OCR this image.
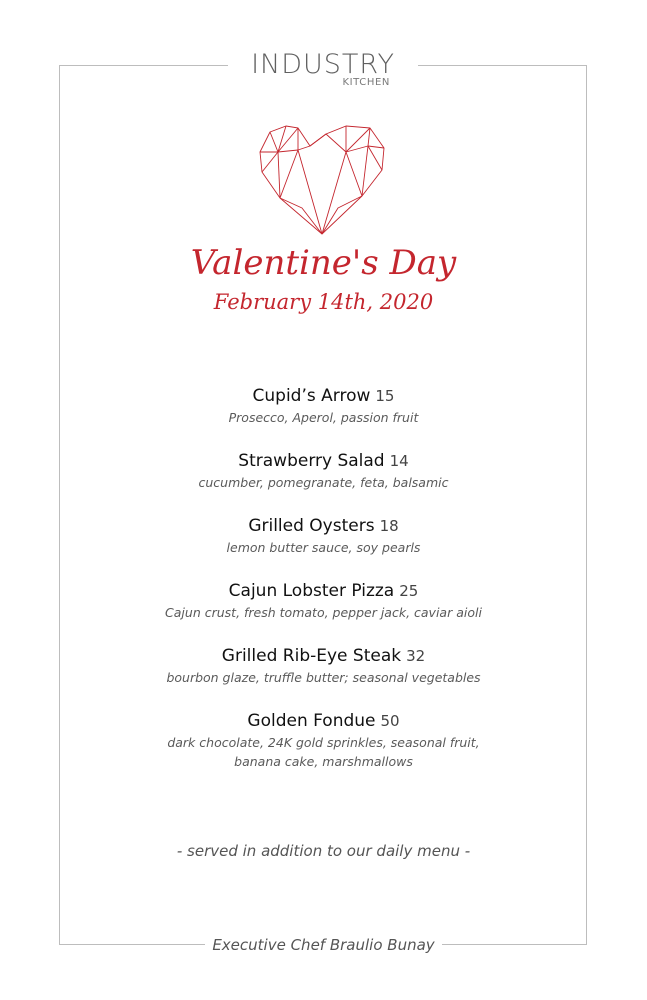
INDUSTRY
KITCHEN
Valentine's Day
February 14th, 2020
Cupid’s Arrow 15
Prosecco, Aperol, passion fruit
Strawberry Salad 14
cucumber, pomegranate, feta, balsamic
Grilled Oysters 18
lemon butter sauce, soy pearls
Cajun Lobster Pizza 25
Cajun crust, fresh tomato, pepper jack, caviar aioli
Grilled Rib-Eye Steak 32
bourbon glaze, truffle butter; seasonal vegetables
Golden Fondue 50
dark chocolate, 24K gold sprinkles, seasonal fruit,
banana cake, marshmallows
- served in addition to our daily menu -
Executive Chef Braulio Bunay
